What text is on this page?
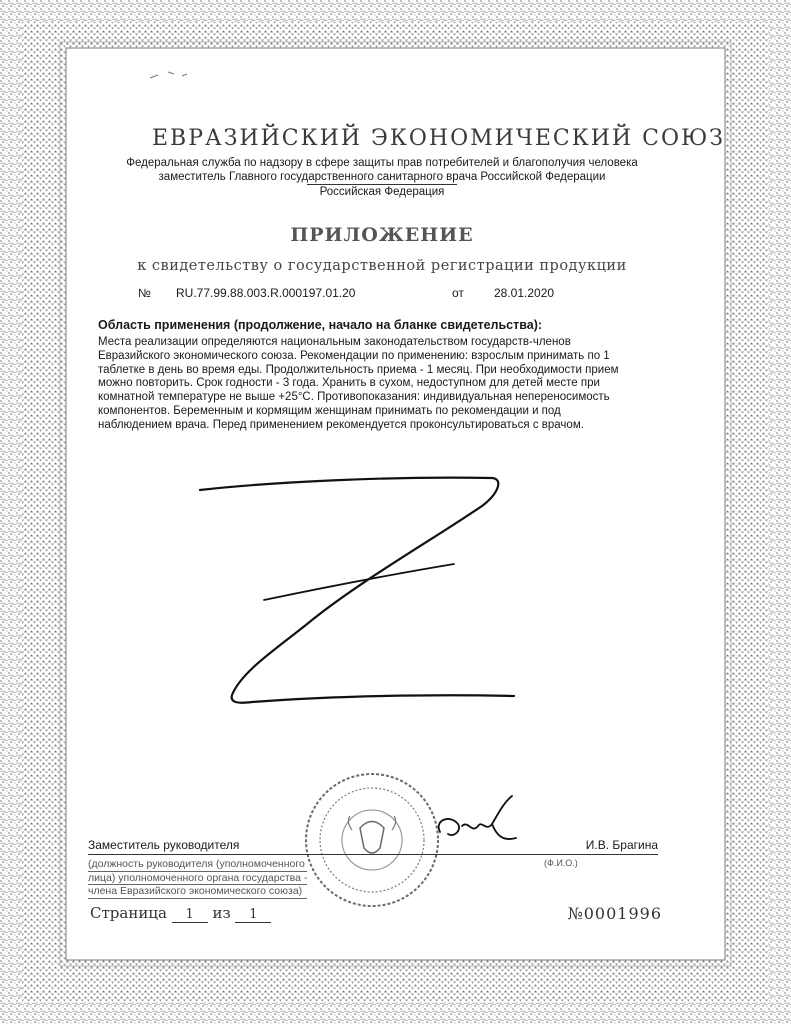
ЕВРАЗИЙСКИЙ ЭКОНОМИЧЕСКИЙ СОЮЗ
Федеральная служба по надзору в сфере защиты прав потребителей и благополучия человека
заместитель Главного государственного санитарного врача Российской Федерации
Российская Федерация
ПРИЛОЖЕНИЕ
к свидетельству о государственной регистрации продукции
№ RU.77.99.88.003.R.000197.01.20	от	28.01.2020
Область применения (продолжение, начало на бланке свидетельства):
Места реализации определяются национальным законодательством государств-членов
Евразийского экономического союза. Рекомендации по применению: взрослым принимать по 1
таблетке в день во время еды. Продолжительность приема - 1 месяц. При необходимости прием
можно повторить. Срок годности - 3 года. Хранить в сухом, недоступном для детей месте при
комнатной температуре не выше +25°C. Противопоказания: индивидуальная непереносимость
компонентов. Беременным и кормящим женщинам принимать по рекомендации и под
наблюдением врача. Перед применением рекомендуется проконсультироваться с врачом.
Заместитель руководителя	И.В. Брагина
(должность руководителя (уполномоченного
лица) уполномоченного органа государства -
члена Евразийского экономического союза)
(Ф.И.О.)
Страница 1 из 1	№0001996
